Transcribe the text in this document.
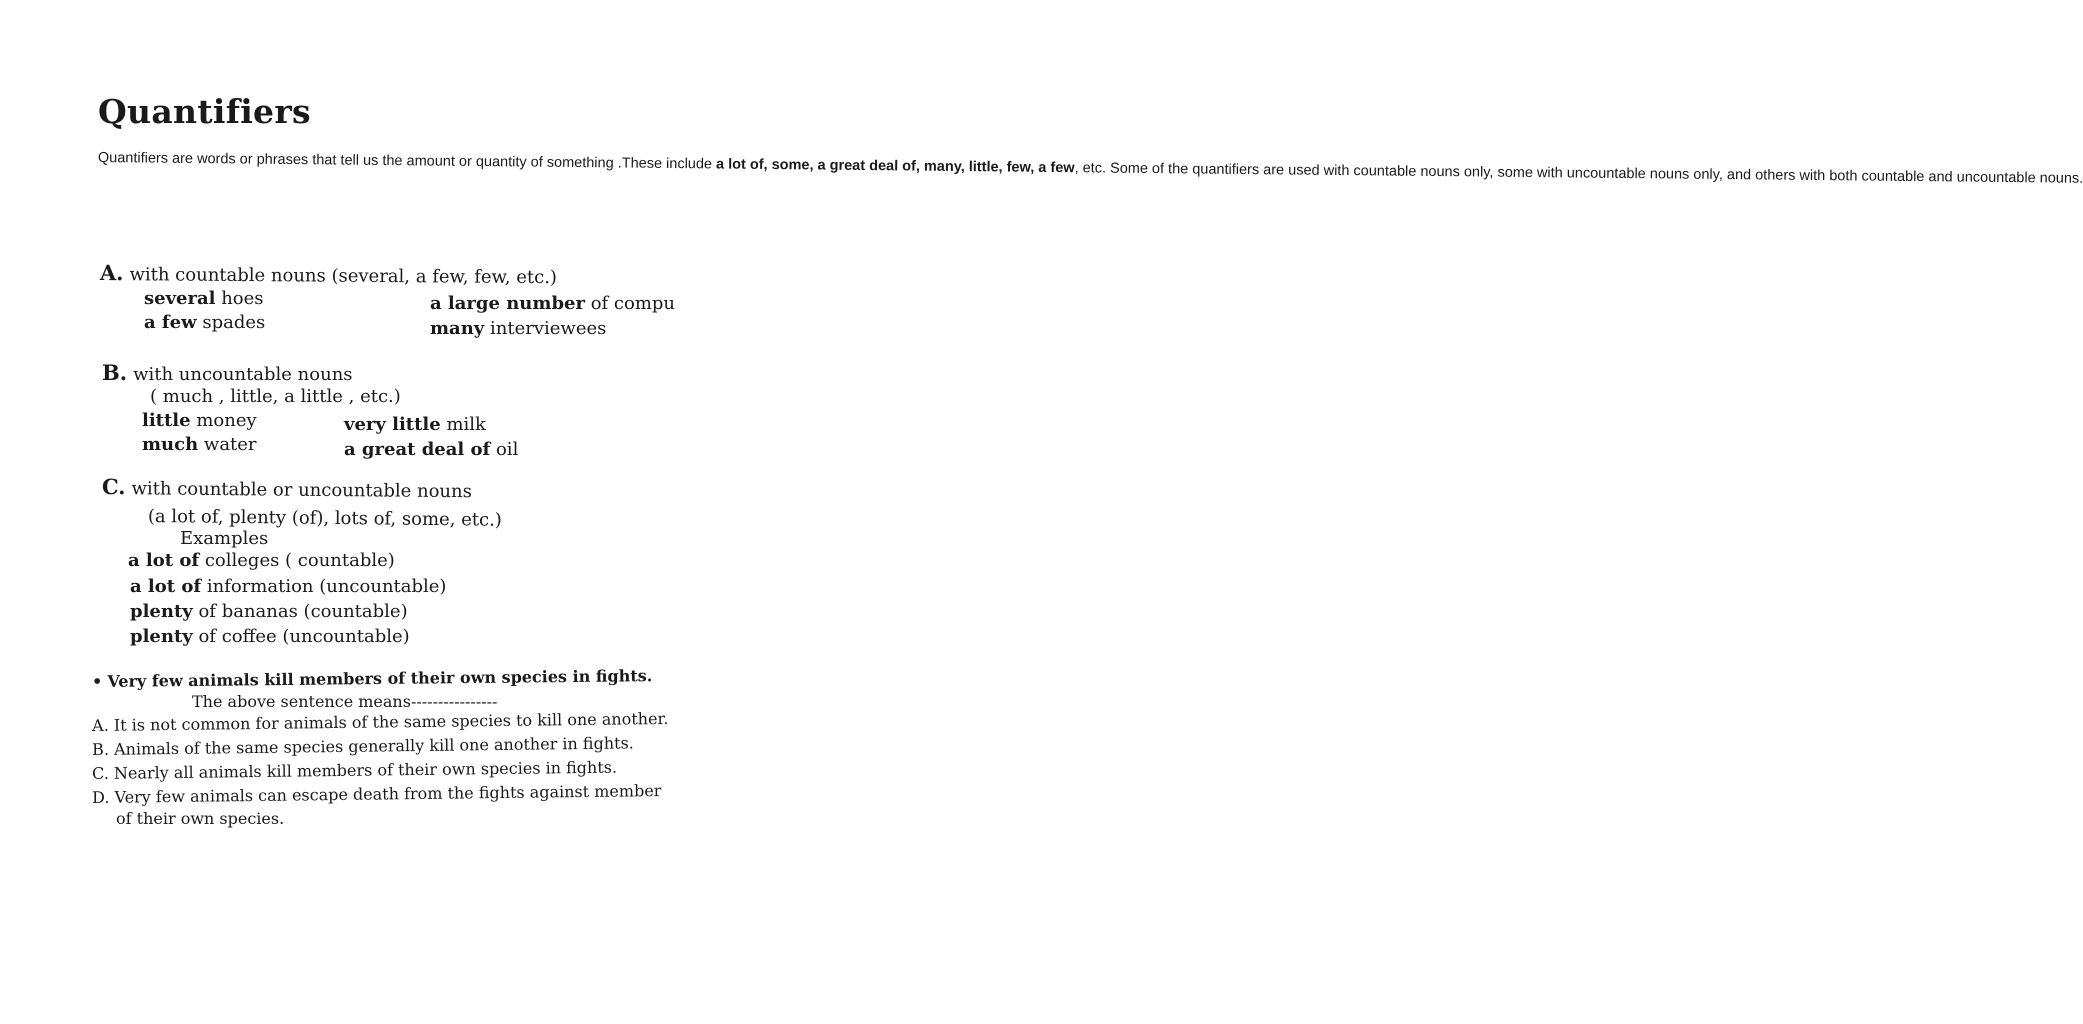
Quantifiers

Quantifiers are words or phrases that tell us the amount or quantity of something .These include a lot of, some, a great deal of, many, little, few, a few, etc. Some of the quantifiers are used with countable nouns only, some with uncountable nouns only, and others with both countable and uncountable nouns.

A. with countable nouns (several, a few, few, etc.)
several hoes
a few spades
a large number of compu
many interviewees
B. with uncountable nouns
( much , little, a little , etc.)
little money
much water
very little milk
a great deal of oil
C. with countable or uncountable nouns
(a lot of, plenty (of), lots of, some, etc.)
Examples
a lot of colleges ( countable)
a lot of information (uncountable)
plenty of bananas (countable)
plenty of coffee (uncountable)
• Very few animals kill members of their own species in fights.
The above sentence means----------------
A. It is not common for animals of the same species to kill one another.
B. Animals of the same species generally kill one another in fights.
C. Nearly all animals kill members of their own species in fights.
D. Very few animals can escape death from the fights against member
of their own species.
